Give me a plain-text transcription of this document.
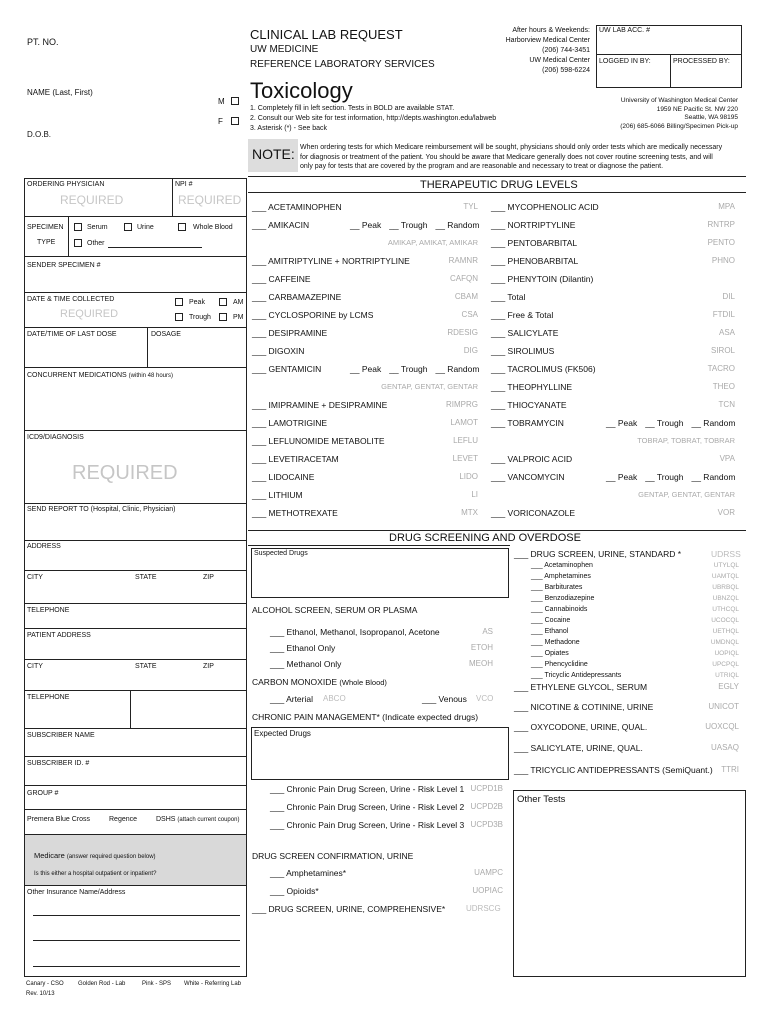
PT. NO.	CLINICAL LAB REQUEST
UW MEDICINE
REFERENCE LABORATORY SERVICES
Toxicology
After hours & Weekends:
Harborview Medical Center
(206) 744-3451
UW Medical Center
(206) 598-6224
UW LAB ACC. #
LOGGED IN BY:	PROCESSED BY:
1. Completely fill in left section. Tests in BOLD are available STAT.
2. Consult our Web site for test information, http://depts.washington.edu/labweb
3. Asterisk (*) - See back
University of Washington Medical Center
1959 NE Pacific St. NW 220
Seattle, WA 98195
(206) 685-6066 Billing/Specimen Pick-up
NOTE: When ordering tests for which Medicare reimbursement will be sought, physicians should only order tests which are medically necessary
for diagnosis or treatment of the patient. You should be aware that Medicare generally does not cover routine screening tests, and will
only pay for tests that are covered by the program and are reasonable and necessary to treat or diagnose the patient.
NAME (Last, First)
M
F
D.O.B.
ORDERING PHYSICIAN	NPI #
REQUIRED	REQUIRED
SPECIMEN
TYPE
Serum	Urine	Whole Blood
Other
SENDER SPECIMEN #
DATE & TIME COLLECTED
REQUIRED
Peak	AM
Trough	PM
DATE/TIME OF LAST DOSE	DOSAGE
CONCURRENT MEDICATIONS (within 48 hours)
ICD9/DIAGNOSIS
REQUIRED
SEND REPORT TO (Hospital, Clinic, Physician)
ADDRESS
CITY	STATE	ZIP
TELEPHONE
PATIENT ADDRESS
CITY	STATE	ZIP
TELEPHONE
SUBSCRIBER NAME
SUBSCRIBER ID. #
GROUP #
Premera Blue Cross	Regence	DSHS (attach current coupon)
Medicare (answer required question below)
Is this either a hospital outpatient or inpatient?
Other Insurance Name/Address
Canary - CSO Golden Rod - Lab	Pink - SPS White - Referring Lab
Rev. 10/13
THERAPEUTIC DRUG LEVELS
___ ACETAMINOPHEN	TYL
___ AMIKACIN	__ Peak __ Trough __ Random
AMIKAP, AMIKAT, AMIKAR
___ AMITRIPTYLINE + NORTRIPTYLINE	RAMNR
___ CAFFEINE	CAFQN
___ CARBAMAZEPINE	CBAM
___ CYCLOSPORINE by LCMS	CSA
___ DESIPRAMINE	RDESIG
___ DIGOXIN	DIG
___ GENTAMICIN	__ Peak __ Trough __ Random
GENTAP, GENTAT, GENTAR
___ IMIPRAMINE + DESIPRAMINE	RIMPRG
___ LAMOTRIGINE	LAMOT
___ LEFLUNOMIDE METABOLITE	LEFLU
___ LEVETIRACETAM	LEVET
___ LIDOCAINE	LIDO
___ LITHIUM	LI
___ METHOTREXATE	MTX
___ MYCOPHENOLIC ACID	MPA
___ NORTRIPTYLINE	RNTRP
___ PENTOBARBITAL	PENTO
___ PHENOBARBITAL	PHNO
___ PHENYTOIN (Dilantin)
___ Total	DIL
___ Free & Total	FTDIL
___ SALICYLATE	ASA
___ SIROLIMUS	SIROL
___ TACROLIMUS (FK506)	TACRO
___ THEOPHYLLINE	THEO
___ THIOCYANATE	TCN
___ TOBRAMYCIN	__ Peak __ Trough __ Random
TOBRAP, TOBRAT, TOBRAR
___ VALPROIC ACID	VPA
___ VANCOMYCIN	__ Peak __ Trough __ Random
GENTAP, GENTAT, GENTAR
___ VORICONAZOLE	VOR
DRUG SCREENING AND OVERDOSE
Suspected Drugs
ALCOHOL SCREEN, SERUM OR PLASMA
___ Ethanol, Methanol, Isopropanol, Acetone	AS
___ Ethanol Only	ETOH
___ Methanol Only	MEOH
CARBON MONOXIDE (Whole Blood)
___ Arterial ABCO	___ Venous VCO
CHRONIC PAIN MANAGEMENT* (Indicate expected drugs)
Expected Drugs
___ Chronic Pain Drug Screen, Urine - Risk Level 1 UCPD1B
___ Chronic Pain Drug Screen, Urine - Risk Level 2 UCPD2B
___ Chronic Pain Drug Screen, Urine - Risk Level 3 UCPD3B
DRUG SCREEN CONFIRMATION, URINE
___ Amphetamines*	UAMPC
___ Opioids*	UOPIAC
___ DRUG SCREEN, URINE, COMPREHENSIVE*	UDRSCG
___ DRUG SCREEN, URINE, STANDARD *	UDRSS
___ Acetaminophen	UTYLQL
___ Amphetamines	UAMTQL
___ Barbiturates	UBRBQL
___ Benzodiazepine	UBNZQL
___ Cannabinoids	UTHCQL
___ Cocaine	UCOCQL
___ Ethanol	UETHQL
___ Methadone	UMDNQL
___ Opiates	UOPIQL
___ Phencyclidine	UPCPQL
___ Tricyclic Antidepressants	UTRIQL
___ ETHYLENE GLYCOL, SERUM	EGLY
___ NICOTINE & COTININE, URINE	UNICOT
___ OXYCODONE, URINE, QUAL.	UOXCQL
___ SALICYLATE, URINE, QUAL.	UASAQ
___ TRICYCLIC ANTIDEPRESSANTS (SemiQuant.) TTRI
Other Tests
